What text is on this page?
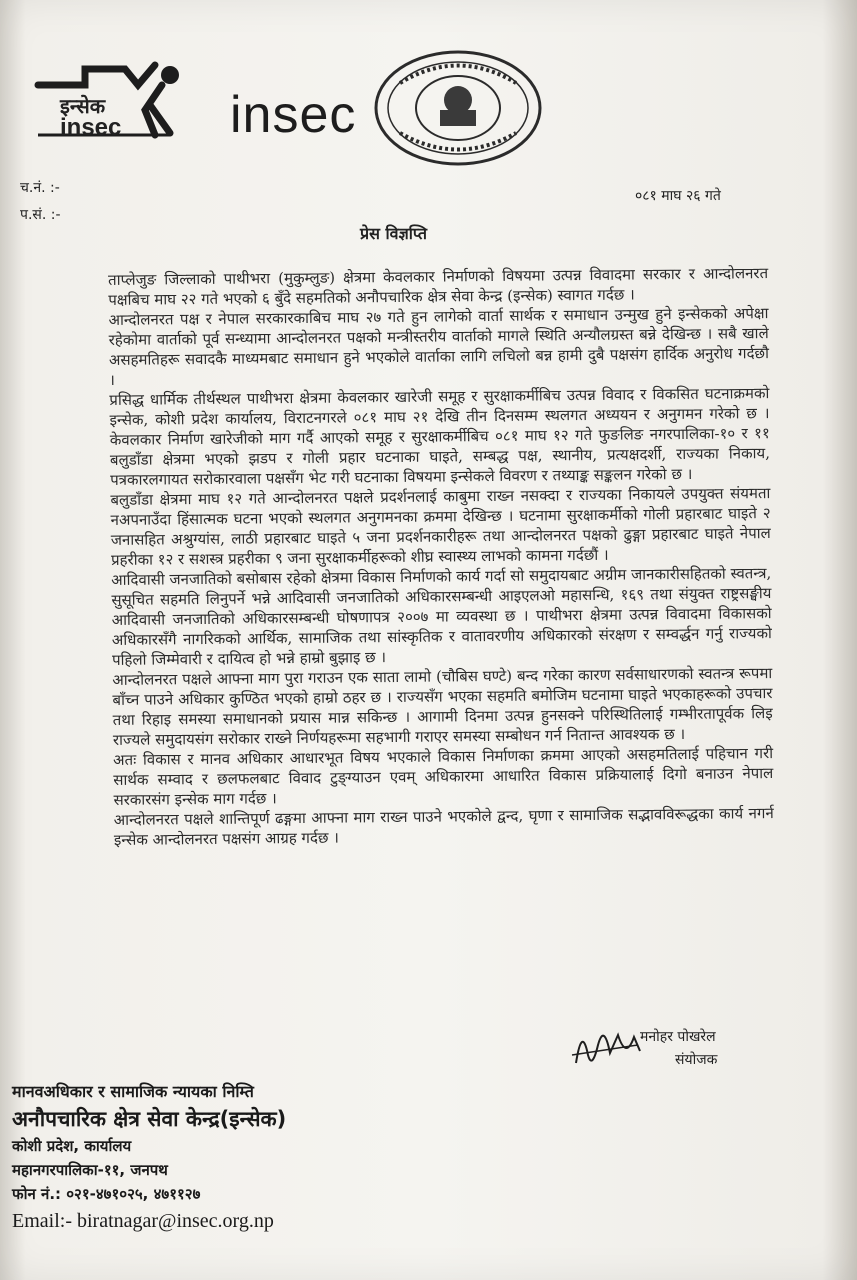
इन्सेक
insec insec
च.नं. :-
प.सं. :-
०८१ माघ २६ गते
प्रेस विज्ञप्ति

ताप्लेजुङ जिल्लाको पाथीभरा (मुकुम्लुङ) क्षेत्रमा केवलकार निर्माणको विषयमा उत्पन्न विवादमा सरकार र आन्दोलनरत पक्षबिच माघ २२ गते भएको ६ बुँदे सहमतिको अनौपचारिक क्षेत्र सेवा केन्द्र (इन्सेक) स्वागत गर्दछ ।

आन्दोलनरत पक्ष र नेपाल सरकारकाबिच माघ २७ गते हुन लागेको वार्ता सार्थक र समाधान उन्मुख हुने इन्सेकको अपेक्षा रहेकोमा वार्ताको पूर्व सन्ध्यामा आन्दोलनरत पक्षको मन्त्रीस्तरीय वार्ताको मागले स्थिति अन्यौलग्रस्त बन्ने देखिन्छ । सबै खाले असहमतिहरू सवादकै माध्यमबाट समाधान हुने भएकोले वार्ताका लागि लचिलो बन्न हामी दुबै पक्षसंग हार्दिक अनुरोध गर्दछौ ।

प्रसिद्ध धार्मिक तीर्थस्थल पाथीभरा क्षेत्रमा केवलकार खारेजी समूह र सुरक्षाकर्मीबिच उत्पन्न विवाद र विकसित घटनाक्रमको इन्सेक, कोशी प्रदेश कार्यालय, विराटनगरले ०८१ माघ २१ देखि तीन दिनसम्म स्थलगत अध्ययन र अनुगमन गरेको छ । केवलकार निर्माण खारेजीको माग गर्दै आएको समूह र सुरक्षाकर्मीबिच ०८१ माघ १२ गते फुङलिङ नगरपालिका-१० र ११ बलुडाँडा क्षेत्रमा भएको झडप र गोली प्रहार घटनाका घाइते, सम्बद्ध पक्ष, स्थानीय, प्रत्यक्षदर्शी, राज्यका निकाय, पत्रकारलगायत सरोकारवाला पक्षसँग भेट गरी घटनाका विषयमा इन्सेकले विवरण र तथ्याङ्क सङ्कलन गरेको छ ।

बलुडाँडा क्षेत्रमा माघ १२ गते आन्दोलनरत पक्षले प्रदर्शनलाई काबुमा राख्न नसक्दा र राज्यका निकायले उपयुक्त संयमता नअपनाउँदा हिंसात्मक घटना भएको स्थलगत अनुगमनका क्रममा देखिन्छ । घटनामा सुरक्षाकर्मीको गोली प्रहारबाट घाइते २ जनासहित अश्रुग्यांस, लाठी प्रहारबाट घाइते ५ जना प्रदर्शनकारीहरू तथा आन्दोलनरत पक्षको ढुङ्गा प्रहारबाट घाइते नेपाल प्रहरीका १२ र सशस्त्र प्रहरीका ९ जना सुरक्षाकर्मीहरूको शीघ्र स्वास्थ्य लाभको कामना गर्दछौं ।

आदिवासी जनजातिको बसोबास रहेको क्षेत्रमा विकास निर्माणको कार्य गर्दा सो समुदायबाट अग्रीम जानकारीसहितको स्वतन्त्र, सुसूचित सहमति लिनुपर्ने भन्ने आदिवासी जनजातिको अधिकारसम्बन्धी आइएलओ महासन्धि, १६९ तथा संयुक्त राष्ट्रसङ्घीय आदिवासी जनजातिको अधिकारसम्बन्धी घोषणापत्र २००७ मा व्यवस्था छ । पाथीभरा क्षेत्रमा उत्पन्न विवादमा विकासको अधिकारसँगै नागरिकको आर्थिक, सामाजिक तथा सांस्कृतिक र वातावरणीय अधिकारको संरक्षण र सम्वर्द्धन गर्नु राज्यको पहिलो जिम्मेवारी र दायित्व हो भन्ने हाम्रो बुझाइ छ ।

आन्दोलनरत पक्षले आफ्ना माग पुरा गराउन एक साता लामो (चौबिस घण्टे) बन्द गरेका कारण सर्वसाधारणको स्वतन्त्र रूपमा बाँच्न पाउने अधिकार कुण्ठित भएको हाम्रो ठहर छ । राज्यसँग भएका सहमति बमोजिम घटनामा घाइते भएकाहरूको उपचार तथा रिहाइ समस्या समाधानको प्रयास मान्न सकिन्छ । आगामी दिनमा उत्पन्न हुनसक्ने परिस्थितिलाई गम्भीरतापूर्वक लिइ राज्यले समुदायसंग सरोकार राख्ने निर्णयहरूमा सहभागी गराएर समस्या सम्बोधन गर्न नितान्त आवश्यक छ ।

अतः विकास र मानव अधिकार आधारभूत विषय भएकाले विकास निर्माणका क्रममा आएको असहमतिलाई पहिचान गरी सार्थक सम्वाद र छलफलबाट विवाद टुङ्ग्याउन एवम् अधिकारमा आधारित विकास प्रक्रियालाई दिगो बनाउन नेपाल सरकारसंग इन्सेक माग गर्दछ ।

आन्दोलनरत पक्षले शान्तिपूर्ण ढङ्गमा आफ्ना माग राख्न पाउने भएकोले द्वन्द, घृणा र सामाजिक सद्भावविरूद्धका कार्य नगर्न इन्सेक आन्दोलनरत पक्षसंग आग्रह गर्दछ ।

मनोहर पोखरेल
संयोजक
मानवअधिकार र सामाजिक न्यायका निम्ति
अनौपचारिक क्षेत्र सेवा केन्द्र(इन्सेक)
कोशी प्रदेश, कार्यालय
महानगरपालिका-११, जनपथ
फोन नं.: ०२१-४७१०२५, ४७११२७
Email:- biratnagar@insec.org.np
